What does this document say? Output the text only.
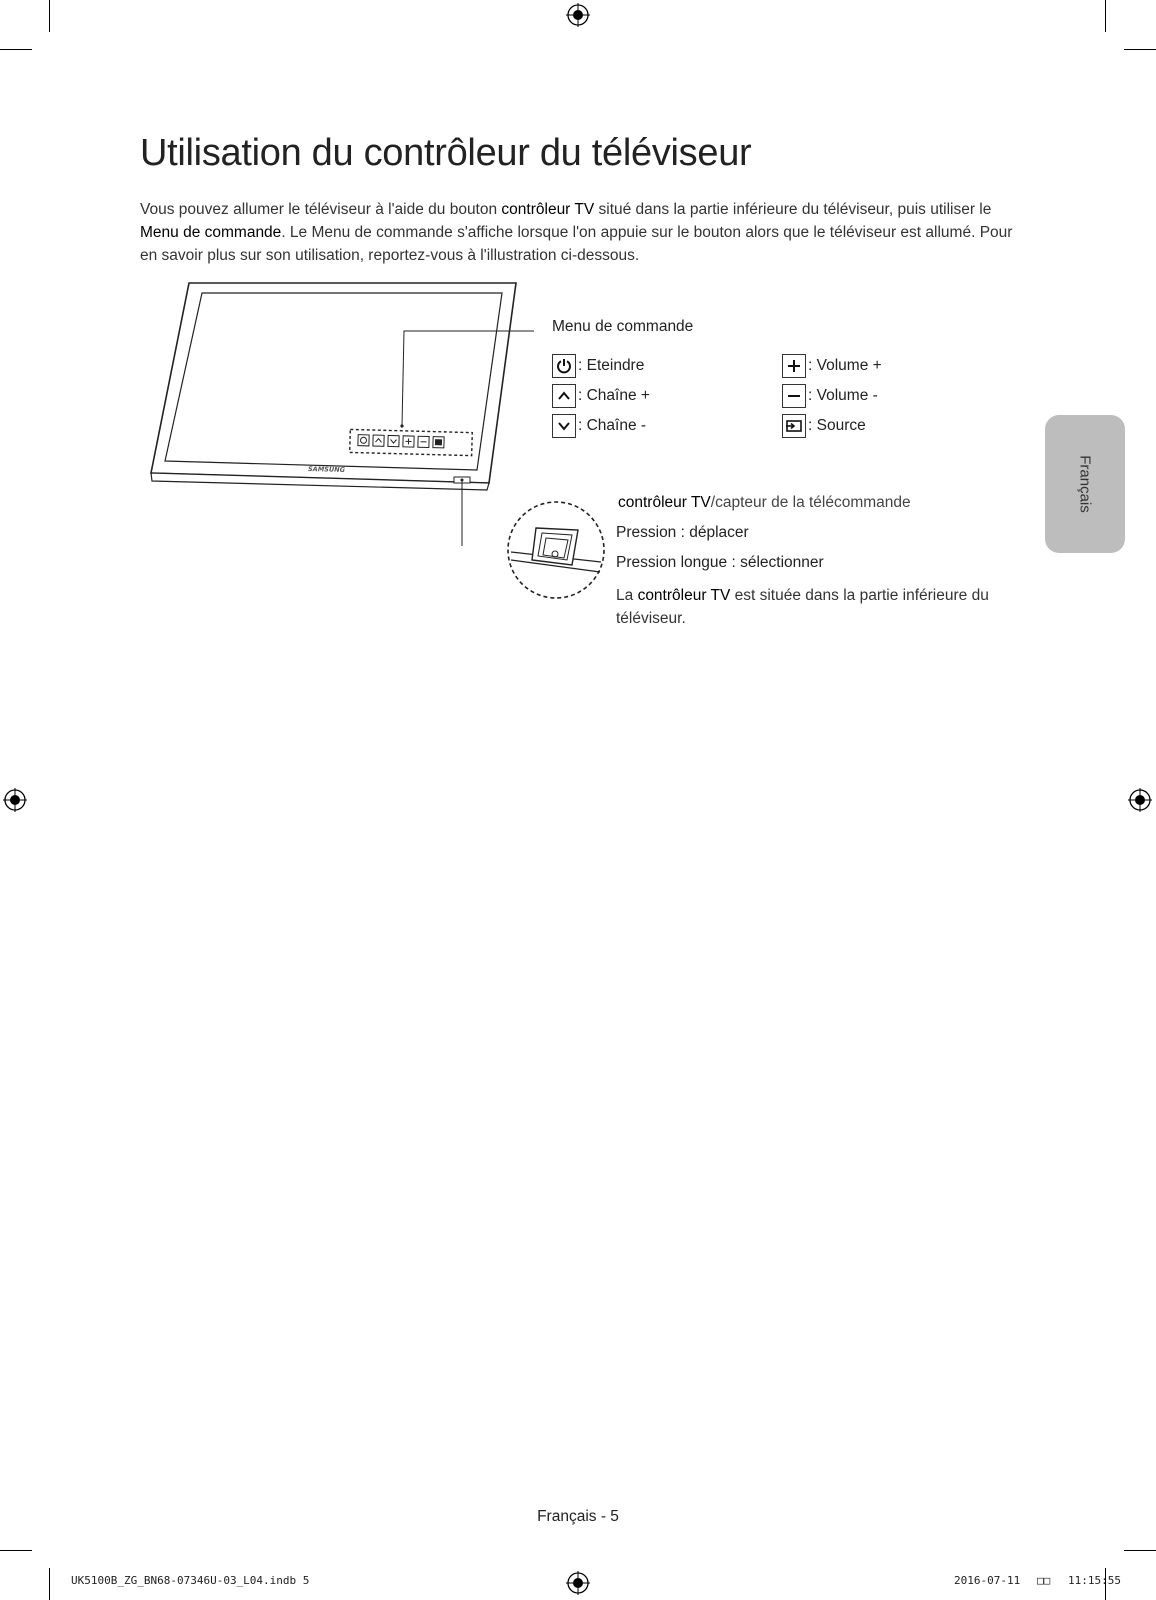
Utilisation du contrôleur du téléviseur

Vous pouvez allumer le téléviseur à l'aide du bouton contrôleur TV situé dans la partie inférieure du téléviseur, puis utiliser le Menu de commande. Le Menu de commande s'affiche lorsque l'on appuie sur le bouton alors que le téléviseur est allumé. Pour en savoir plus sur son utilisation, reportez-vous à l'illustration ci-dessous.

SAMSUNG
Menu de commande
: Eteindre
: Chaîne +
: Chaîne -
: Volume +
: Volume -
: Source
contrôleur TV/capteur de la télécommande
Pression : déplacer
Pression longue : sélectionner
La contrôleur TV est située dans la partie inférieure du téléviseur.
Français
Français - 5
UK5100B_ZG_BN68-07346U-03_L04.indb 5	2016-07-11 □□ 11:15:55
